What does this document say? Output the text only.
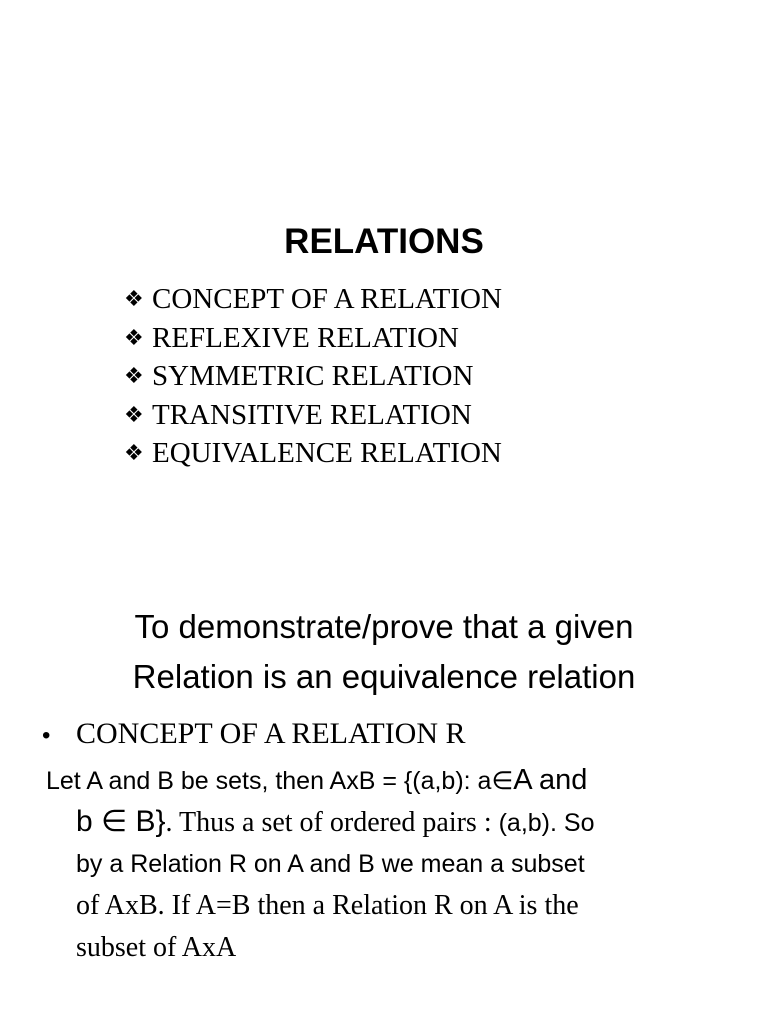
RELATIONS
❖ CONCEPT OF A RELATION
❖ REFLEXIVE RELATION
❖ SYMMETRIC RELATION
❖ TRANSITIVE RELATION
❖ EQUIVALENCE RELATION
To demonstrate/prove that a given
Relation is an equivalence relation
• CONCEPT OF A RELATION R
Let A and B be sets, then AxB = {(a,b): a∈A and
b ∈ B}. Thus a set of ordered pairs : (a,b). So
by a Relation R on A and B we mean a subset
of AxB. If A=B then a Relation R on A is the
subset of AxA
